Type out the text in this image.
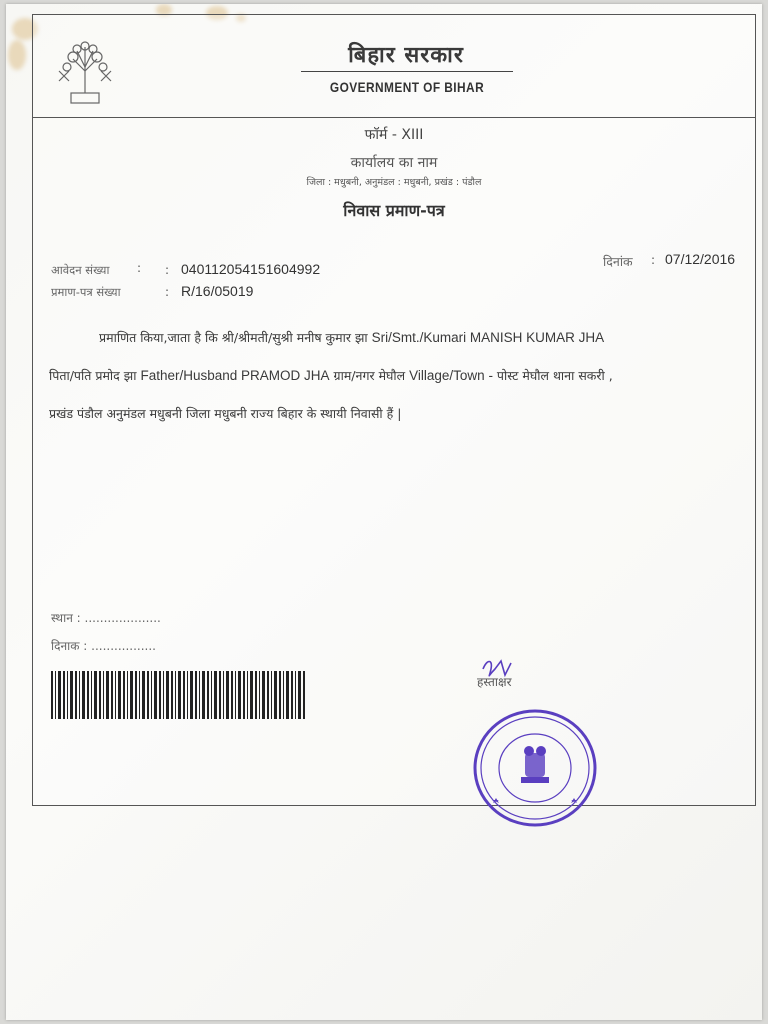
बिहार सरकार
GOVERNMENT OF BIHAR
फॉर्म - XIII
कार्यालय का नाम
जिला : मधुबनी, अनुमंडल : मधुबनी, प्रखंड : पंडौल
निवास प्रमाण-पत्र
आवेदन संख्या : : 040112054151604992
प्रमाण-पत्र संख्या	: R/16/05019
दिनांक : 07/12/2016
प्रमाणित किया,जाता है कि श्री/श्रीमती/सुश्री मनीष कुमार झा Sri/Smt./Kumari MANISH KUMAR JHA
पिता/पति प्रमोद झा Father/Husband PRAMOD JHA ग्राम/नगर मेघौल Village/Town - पोस्ट मेघौल थाना सकरी ,
प्रखंड पंडौल अनुमंडल मधुबनी जिला मधुबनी राज्य बिहार के स्थायी निवासी हैं |
स्थान : ....................
दिनाक : .................
हस्ताक्षर
